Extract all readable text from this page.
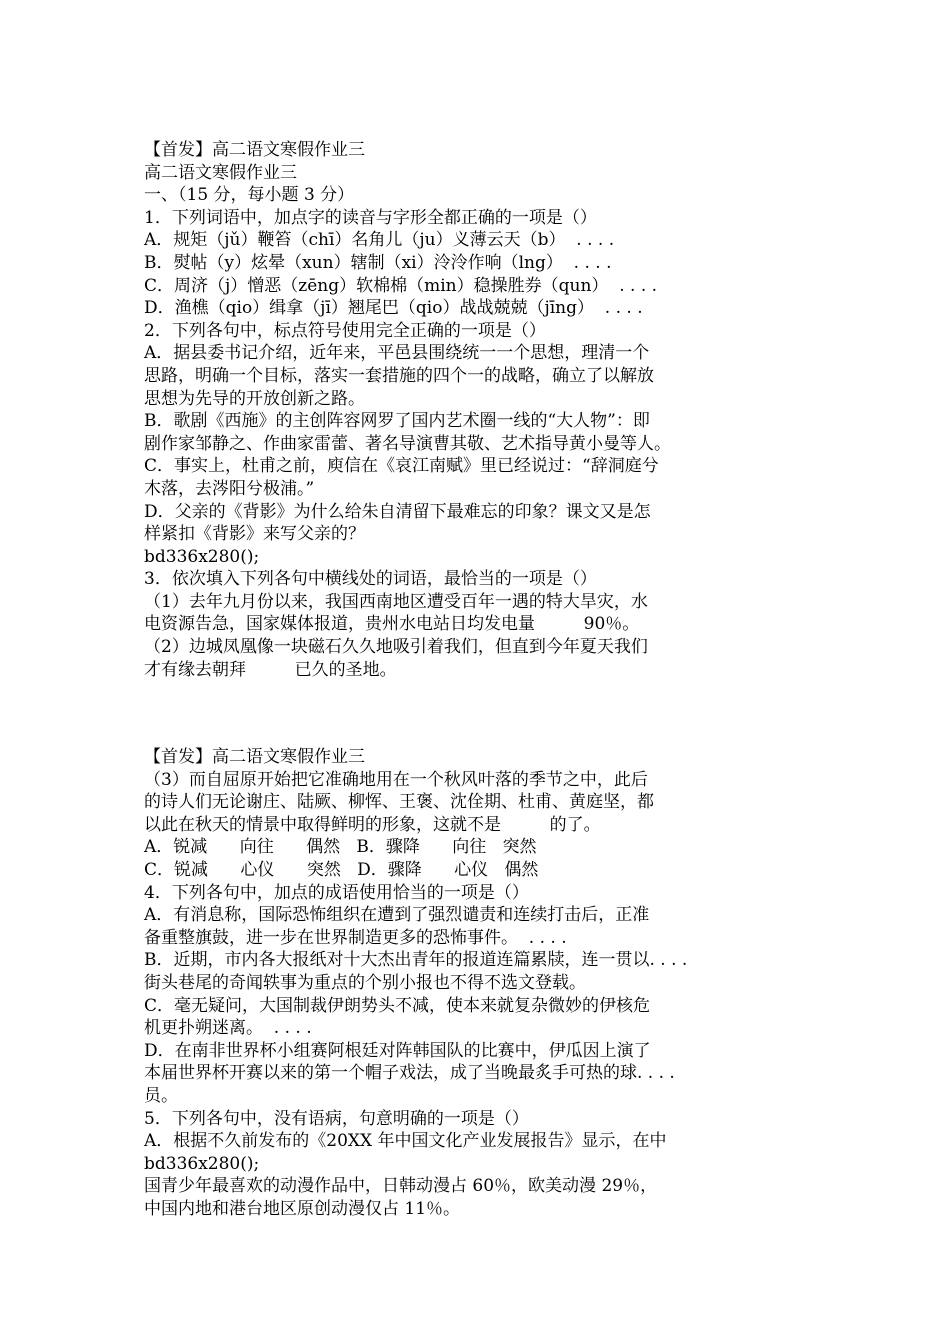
【首发】高二语文寒假作业三
高二语文寒假作业三
一、（15 分，每小题 3 分）
1．下列词语中，加点字的读音与字形全都正确的一项是（）
A．规矩（jǔ）鞭笞（chī）名角儿（ju）义薄云天（b）  . . . .
B．熨帖（y）炫晕（xun）辖制（xi）泠泠作响（lng）  . . . .
C．周济（j）憎恶（zēng）软棉棉（min）稳操胜券（qun）  . . . .
D．渔樵（qio）缉拿（jī）翘尾巴（qio）战战兢兢（jīng）  . . . .
2．下列各句中，标点符号使用完全正确的一项是（）
A．据县委书记介绍，近年来，平邑县围绕统一一个思想，理清一个
思路，明确一个目标，落实一套措施的四个一的战略，确立了以解放
思想为先导的开放创新之路。
B．歌剧《西施》的主创阵容网罗了国内艺术圈一线的“大人物”：即
剧作家邹静之、作曲家雷蕾、著名导演曹其敬、艺术指导黄小曼等人。
C．事实上，杜甫之前，庾信在《哀江南赋》里已经说过：“辞洞庭兮
木落，去涔阳兮极浦。”
D．父亲的《背影》为什么给朱自清留下最难忘的印象？课文又是怎
样紧扣《背影》来写父亲的？
bd336x280();
3．依次填入下列各句中横线处的词语，最恰当的一项是（）
（1）去年九月份以来，我国西南地区遭受百年一遇的特大旱灾，水
电资源告急，国家媒体报道，贵州水电站日均发电量         90％。
（2）边城凤凰像一块磁石久久地吸引着我们，但直到今年夏天我们
才有缘去朝拜         已久的圣地。
【首发】高二语文寒假作业三
（3）而自屈原开始把它准确地用在一个秋风叶落的季节之中，此后
的诗人们无论谢庄、陆厥、柳恽、王褒、沈佺期、杜甫、黄庭坚，都
以此在秋天的情景中取得鲜明的形象，这就不是         的了。
A．锐减      向往      偶然   B．骤降      向往   突然
C．锐减      心仪      突然   D．骤降      心仪   偶然
4．下列各句中，加点的成语使用恰当的一项是（）
A．有消息称，国际恐怖组织在遭到了强烈谴责和连续打击后，正准
备重整旗鼓，进一步在世界制造更多的恐怖事件。  . . . .
B．近期，市内各大报纸对十大杰出青年的报道连篇累牍，连一贯以. . . .
街头巷尾的奇闻轶事为重点的个别小报也不得不选文登载。
C．毫无疑问，大国制裁伊朗势头不减，使本来就复杂微妙的伊核危
机更扑朔迷离。  . . . .
D．在南非世界杯小组赛阿根廷对阵韩国队的比赛中，伊瓜因上演了
本届世界杯开赛以来的第一个帽子戏法，成了当晚最炙手可热的球. . . .
员。
5．下列各句中，没有语病，句意明确的一项是（）
A．根据不久前发布的《20XX 年中国文化产业发展报告》显示，在中
bd336x280();
国青少年最喜欢的动漫作品中，日韩动漫占 60％，欧美动漫 29％，
中国内地和港台地区原创动漫仅占 11％。
